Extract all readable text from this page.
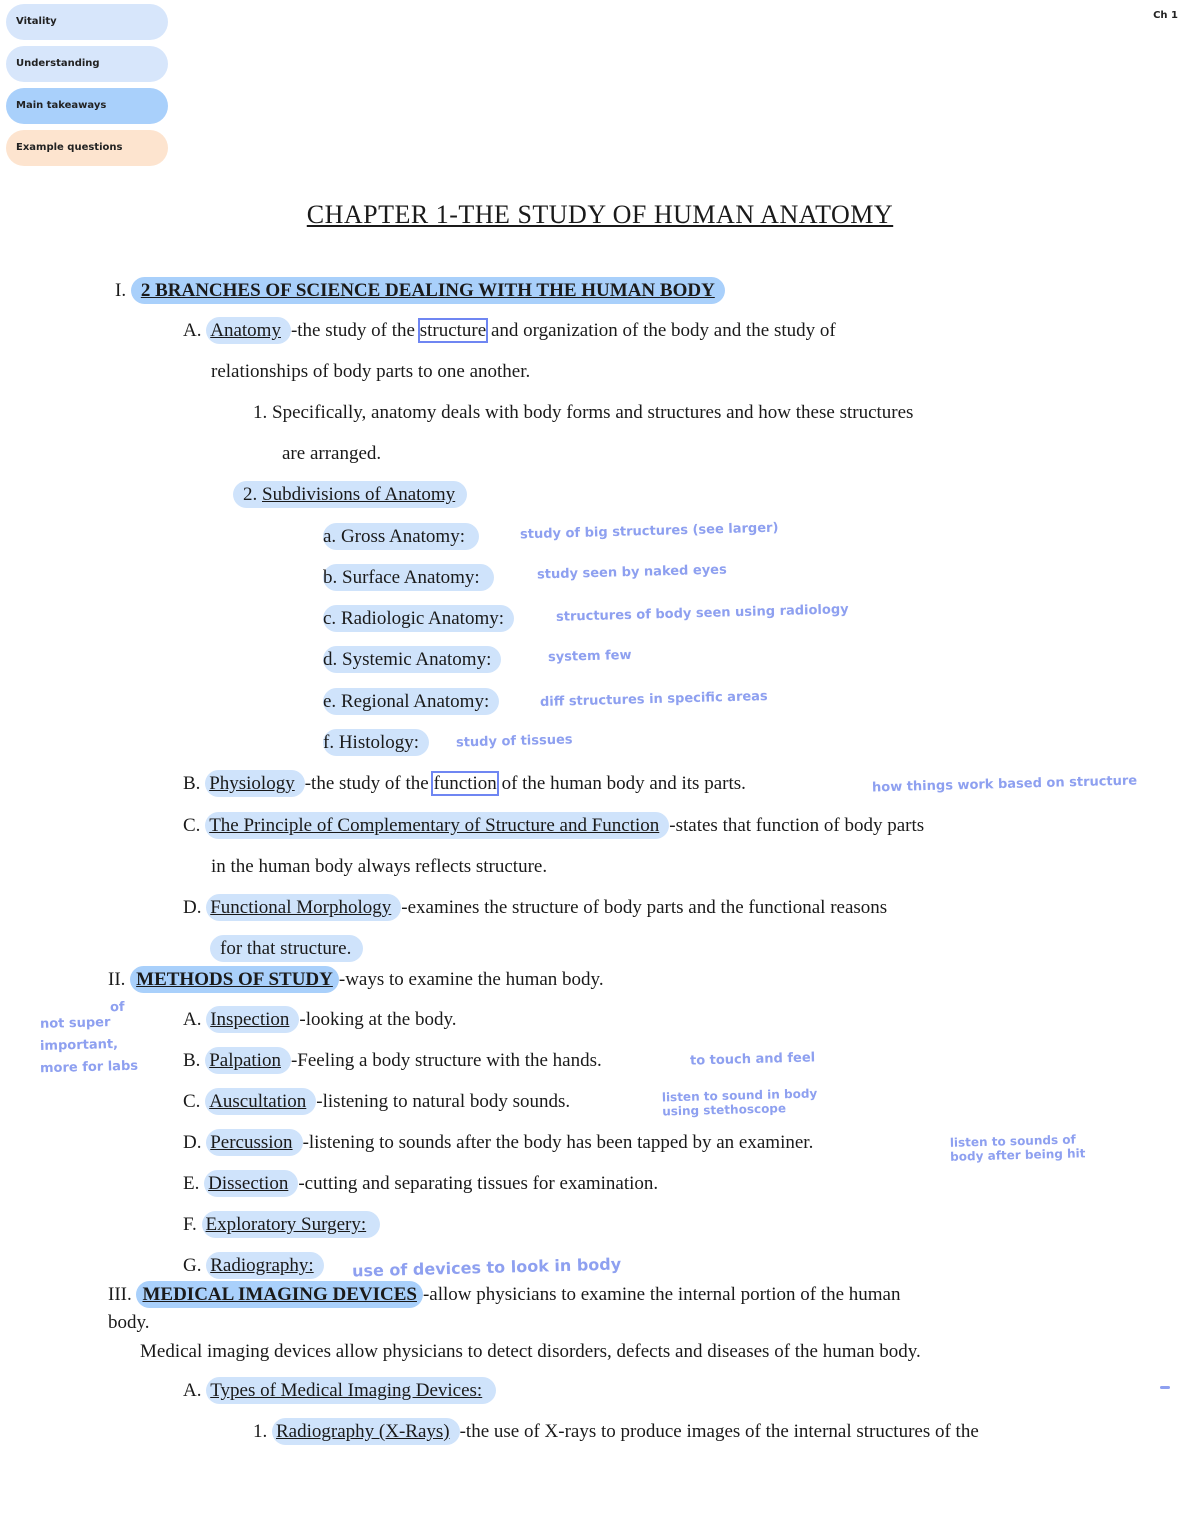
Vitality
Understanding
Main takeaways
Example questions
Ch 1
CHAPTER 1-THE STUDY OF HUMAN ANATOMY
I. 2 BRANCHES OF SCIENCE DEALING WITH THE HUMAN BODY
A. Anatomy -the study of the structure and organization of the body and the study of
relationships of body parts to one another.
1. Specifically, anatomy deals with body forms and structures and how these structures
are arranged.
2. Subdivisions of Anatomy
a. Gross Anatomy:	study of big structures (see larger)
b. Surface Anatomy:	study seen by naked eyes
c. Radiologic Anatomy:	structures of body seen using radiology
d. Systemic Anatomy:	system few
e. Regional Anatomy:	diff structures in specific areas
f. Histology:	study of tissues
B. Physiology -the study of the function of the human body and its parts.	how things work based on structure
C. The Principle of Complementary of Structure and Function -states that function of body parts
in the human body always reflects structure.
D. Functional Morphology -examines the structure of body parts and the functional reasons
for that structure.
II. METHODS OF STUDY -ways to examine the human body.
of
not super
important,
more for labs
A. Inspection -looking at the body.
B. Palpation -Feeling a body structure with the hands.	to touch and feel
C. Auscultation -listening to natural body sounds.	listen to sound in body using stethoscope
D. Percussion -listening to sounds after the body has been tapped by an examiner.	listen to sounds of body after being hit
E. Dissection -cutting and separating tissues for examination.
F. Exploratory Surgery:
G. Radiography:	use of devices to look in body
III. MEDICAL IMAGING DEVICES -allow physicians to examine the internal portion of the human
body.
Medical imaging devices allow physicians to detect disorders, defects and diseases of the human body.
A. Types of Medical Imaging Devices:
1. Radiography (X-Rays) -the use of X-rays to produce images of the internal structures of the
